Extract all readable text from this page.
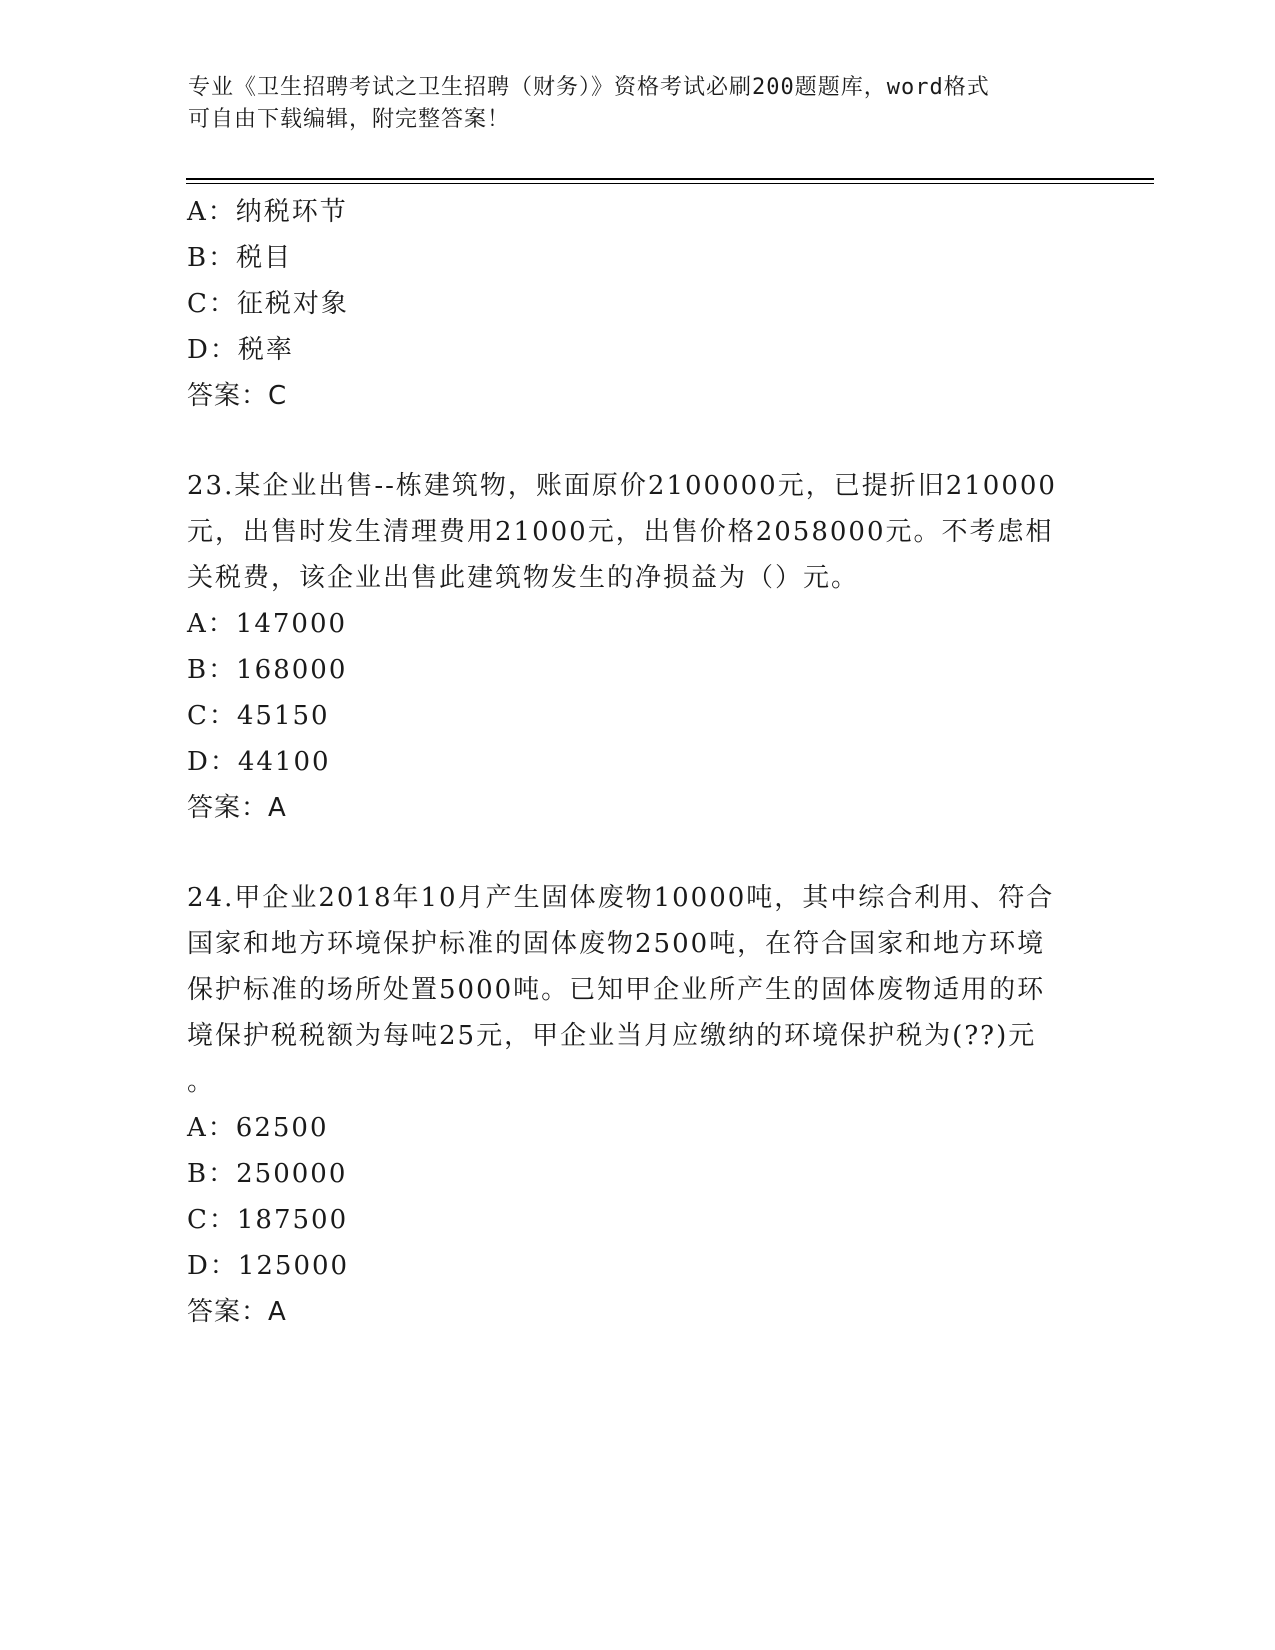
专业《卫生招聘考试之卫生招聘（财务）》资格考试必刷200题题库，word格式
可自由下载编辑，附完整答案！
A：纳税环节
B：税目
C：征税对象
D：税率
答案：C
23.某企业出售--栋建筑物，账面原价2100000元，已提折旧210000
元，出售时发生清理费用21000元，出售价格2058000元。不考虑相
关税费，该企业出售此建筑物发生的净损益为（）元。
A：147000
B：168000
C：45150
D：44100
答案：A
24.甲企业2018年10月产生固体废物10000吨，其中综合利用、符合
国家和地方环境保护标准的固体废物2500吨，在符合国家和地方环境
保护标准的场所处置5000吨。已知甲企业所产生的固体废物适用的环
境保护税税额为每吨25元，甲企业当月应缴纳的环境保护税为(??)元
。
A：62500
B：250000
C：187500
D：125000
答案：A
